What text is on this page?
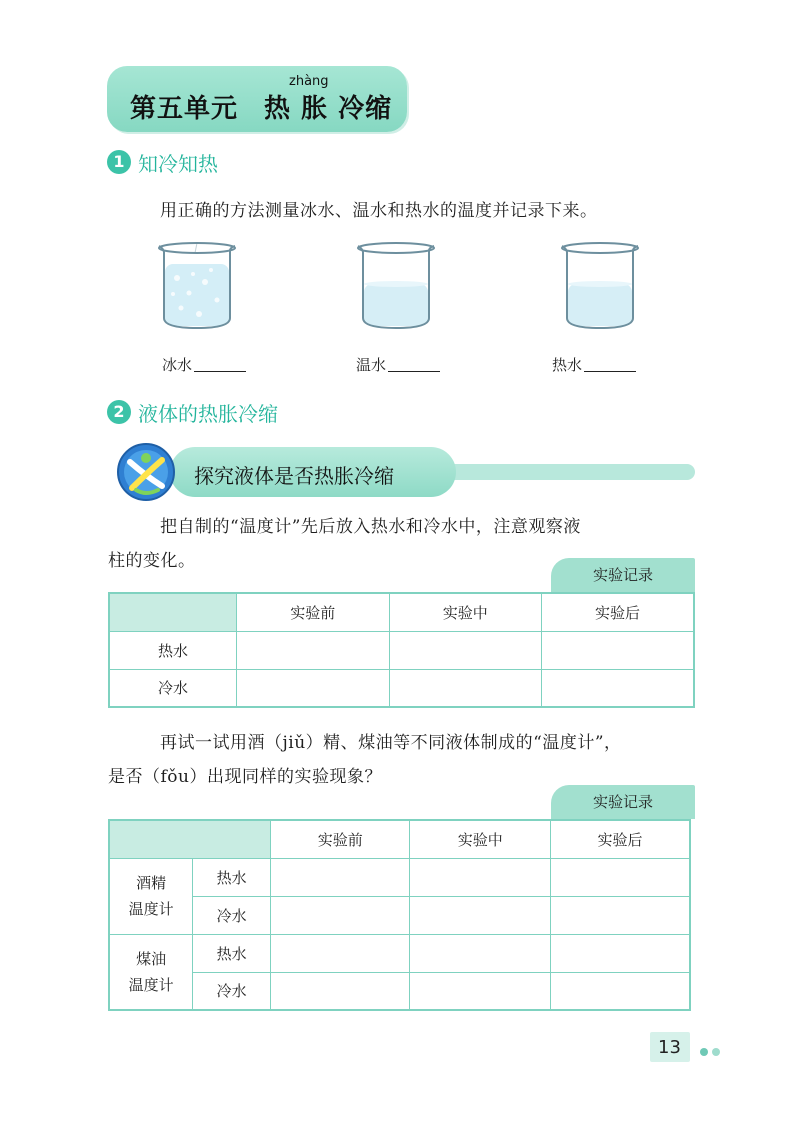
zhàng
第五单元 热 胀 冷缩
1 知冷知热
用正确的方法测量冰水、温水和热水的温度并记录下来。
冰水	温水	热水
2 液体的热胀冷缩
探究液体是否热胀冷缩
把自制的“温度计”先后放入热水和冷水中，注意观察液
柱的变化。
实验记录
	实验前	实验中	实验后
热水			
冷水			
再试一试用酒（jiǔ）精、煤油等不同液体制成的“温度计”，
是否（fǒu）出现同样的实验现象？
实验记录
		实验前	实验中	实验后

酒精
温度计	热水			
	冷水			

煤油
温度计	热水			
	冷水			
13
